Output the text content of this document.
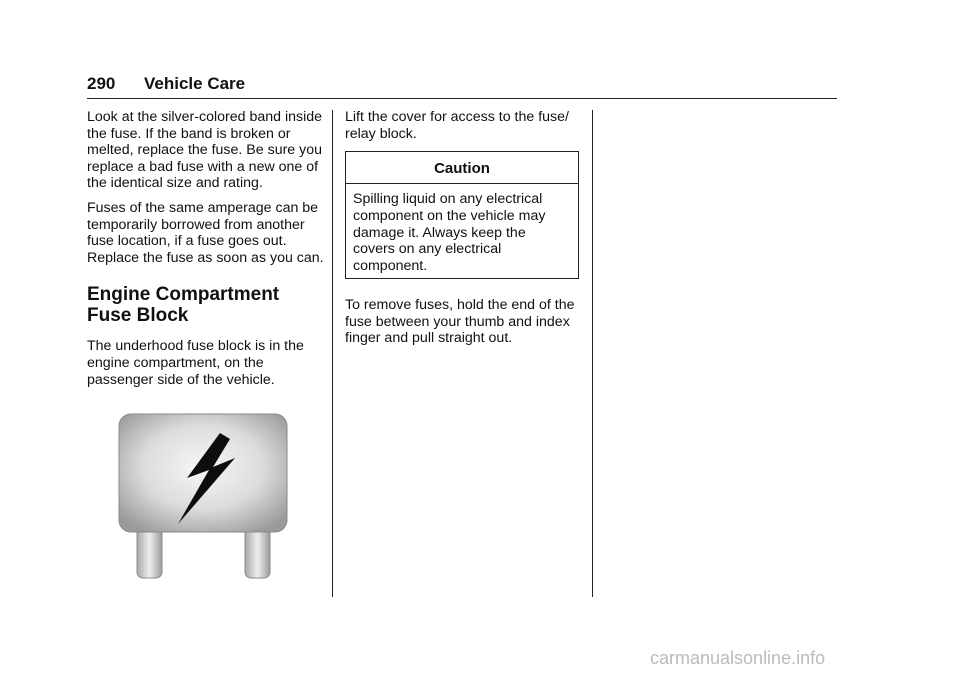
290 Vehicle Care

Look at the silver-colored band inside the fuse. If the band is broken or melted, replace the fuse. Be sure you replace a bad fuse with a new one of the identical size and rating.

Fuses of the same amperage can be temporarily borrowed from another fuse location, if a fuse goes out. Replace the fuse as soon as you can.

Engine Compartment
Fuse Block

The underhood fuse block is in the engine compartment, on the passenger side of the vehicle.

Lift the cover for access to the fuse/ relay block.

Caution
Spilling liquid on any electrical component on the vehicle may damage it. Always keep the covers on any electrical component.
To remove fuses, hold the end of the fuse between your thumb and index finger and pull straight out.
carmanualsonline.info
